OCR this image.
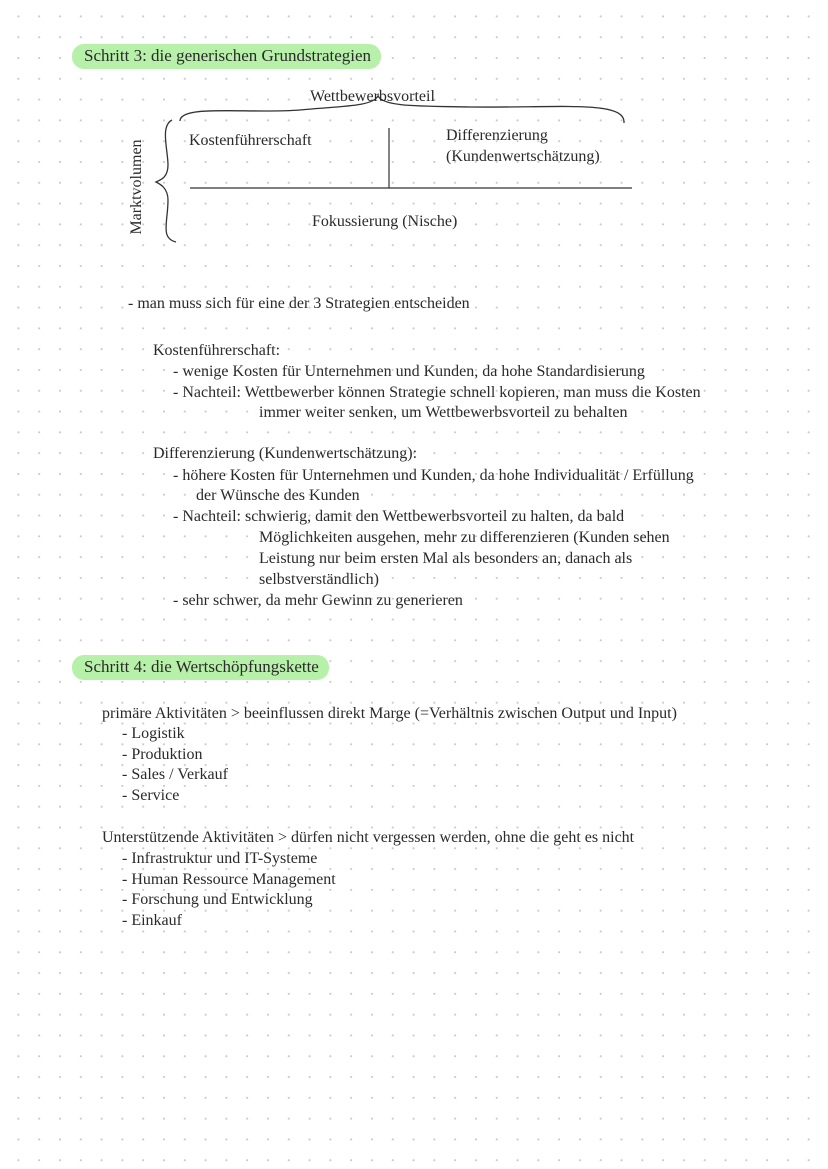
Schritt 3: die generischen Grundstrategien
Wettbewerbsvorteil
Marktvolumen	Kostenführerschaft	Differenzierung
(Kundenwertschätzung)
Fokussierung (Nische)
- man muss sich für eine der 3 Strategien entscheiden
Kostenführerschaft:
- wenige Kosten für Unternehmen und Kunden, da hohe Standardisierung
- Nachteil: Wettbewerber können Strategie schnell kopieren, man muss die Kosten
immer weiter senken, um Wettbewerbsvorteil zu behalten
Differenzierung (Kundenwertschätzung):
- höhere Kosten für Unternehmen und Kunden, da hohe Individualität / Erfüllung
der Wünsche des Kunden
- Nachteil: schwierig, damit den Wettbewerbsvorteil zu halten, da bald
Möglichkeiten ausgehen, mehr zu differenzieren (Kunden sehen
Leistung nur beim ersten Mal als besonders an, danach als
selbstverständlich)
- sehr schwer, da mehr Gewinn zu generieren
Schritt 4: die Wertschöpfungskette
primäre Aktivitäten > beeinflussen direkt Marge (=Verhältnis zwischen Output und Input)
- Logistik
- Produktion
- Sales / Verkauf
- Service
Unterstützende Aktivitäten > dürfen nicht vergessen werden, ohne die geht es nicht
- Infrastruktur und IT-Systeme
- Human Ressource Management
- Forschung und Entwicklung
- Einkauf
